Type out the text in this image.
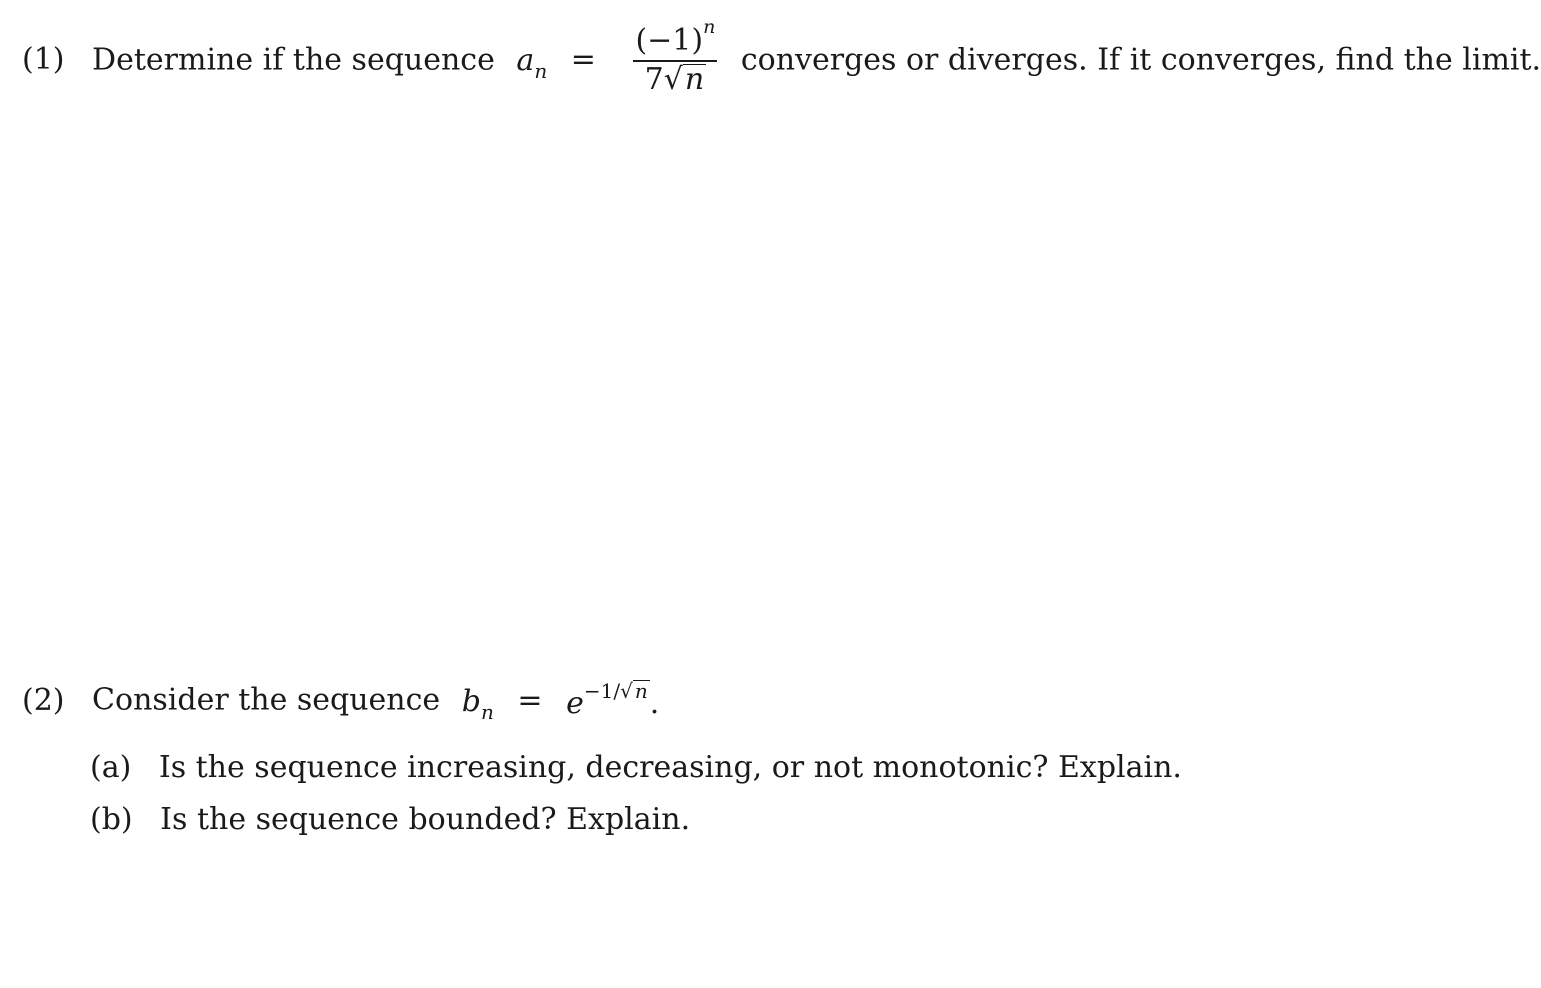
(1) Determine if the sequence $a_n = \frac{(-1)^n}{7√n}$ converges or diverges. If it converges, find the limit.
(2) Consider the sequence $b_n = e^{-1/√ n}$.
(a) Is the sequence increasing, decreasing, or not monotonic? Explain.
(b) Is the sequence bounded? Explain.
